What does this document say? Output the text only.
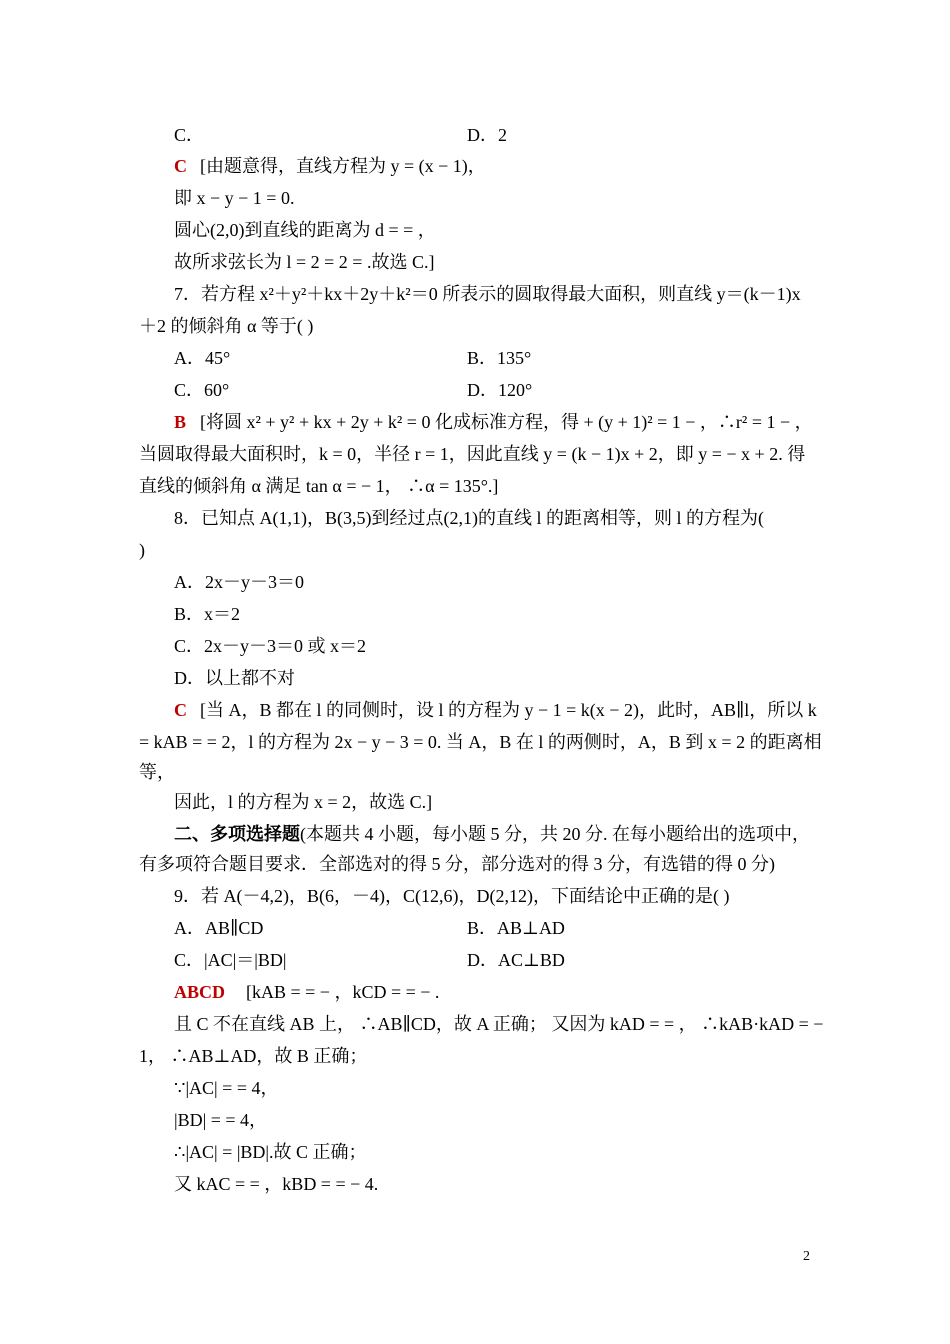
C．	D．2
C [由题意得，直线方程为 y = (x − 1)，
即 x − y − 1 = 0.
圆心(2,0)到直线的距离为 d = = ，
故所求弦长为 l = 2 = 2 = .故选 C.]
7．若方程 x²＋y²＋kx＋2y＋k²＝0 所表示的圆取得最大面积，则直线 y＝(k－1)x
＋2 的倾斜角 α 等于( )
A．45°	B．135°
C．60°	D．120°
B [将圆 x² + y² + kx + 2y + k² = 0 化成标准方程，得 + (y + 1)² = 1 − ，∴r² = 1 − ，
当圆取得最大面积时，k = 0，半径 r = 1，因此直线 y = (k − 1)x + 2，即 y = − x + 2. 得
直线的倾斜角 α 满足 tan α = − 1， ∴α = 135°.]
8．已知点 A(1,1)，B(3,5)到经过点(2,1)的直线 l 的距离相等，则 l 的方程为(
)
A．2x－y－3＝0
B．x＝2
C．2x－y－3＝0 或 x＝2
D．以上都不对
C [当 A，B 都在 l 的同侧时，设 l 的方程为 y − 1 = k(x − 2)，此时，AB∥l，所以 k
= kAB = = 2，l 的方程为 2x − y − 3 = 0. 当 A，B 在 l 的两侧时，A，B 到 x = 2 的距离相
等，
因此，l 的方程为 x = 2，故选 C.]
二、多项选择题 (本题共 4 小题，每小题 5 分，共 20 分. 在每小题给出的选项中，
有多项符合题目要求．全部选对的得 5 分，部分选对的得 3 分，有选错的得 0 分)
9．若 A(－4,2)，B(6，－4)，C(12,6)，D(2,12)，下面结论中正确的是( )
A．AB∥CD	B．AB⊥AD
C．|AC|＝|BD|	D．AC⊥BD
ABCD [kAB = = − ，kCD = = − .
且 C 不在直线 AB 上， ∴AB∥CD，故 A 正确； 又因为 kAD = = ， ∴kAB·kAD = −
1， ∴AB⊥AD，故 B 正确；
∵|AC| = = 4，
|BD| = = 4，
∴|AC| = |BD|.故 C 正确；
又 kAC = = ，kBD = = − 4.
2
